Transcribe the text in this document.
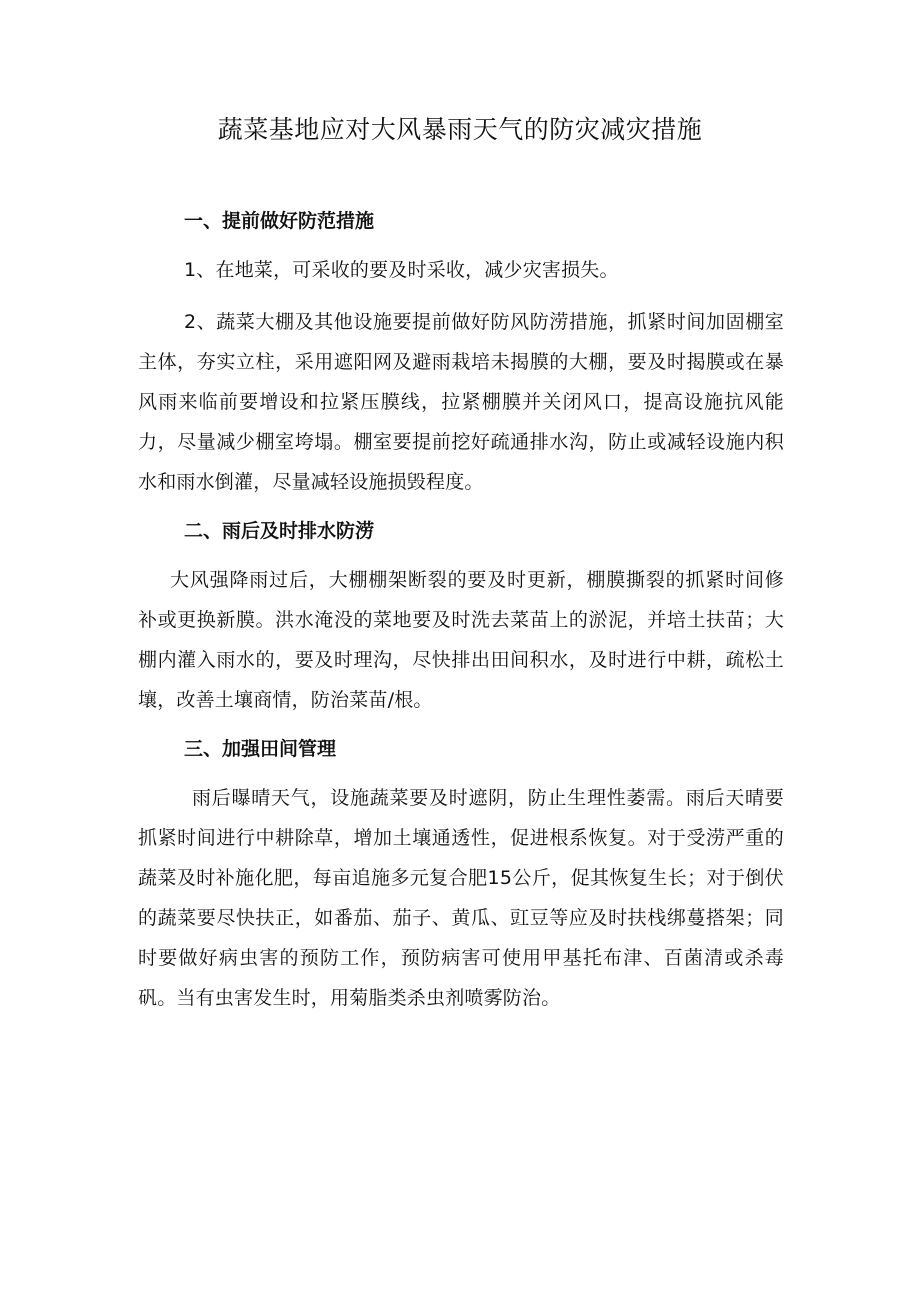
蔬菜基地应对大风暴雨天气的防灾减灾措施
一、提前做好防范措施

1、在地菜，可采收的要及时采收，减少灾害损失。

2、蔬菜大棚及其他设施要提前做好防风防涝措施，抓紧时间加固棚室主体，夯实立柱，采用遮阳网及避雨栽培未揭膜的大棚，要及时揭膜或在暴风雨来临前要增设和拉紧压膜线，拉紧棚膜并关闭风口，提高设施抗风能力，尽量减少棚室垮塌。棚室要提前挖好疏通排水沟，防止或减轻设施内积水和雨水倒灌，尽量减轻设施损毁程度。

二、雨后及时排水防涝

大风强降雨过后，大棚棚架断裂的要及时更新，棚膜撕裂的抓紧时间修补或更换新膜。洪水淹没的菜地要及时洗去菜苗上的淤泥，并培土扶苗；大棚内灌入雨水的，要及时理沟，尽快排出田间积水，及时进行中耕，疏松土壤，改善土壤商情，防治菜苗/根。

三、加强田间管理

雨后曝晴天气，设施蔬菜要及时遮阴，防止生理性萎需。雨后天晴要抓紧时间进行中耕除草，增加土壤通透性，促进根系恢复。对于受涝严重的蔬菜及时补施化肥，每亩追施多元复合肥15公斤，促其恢复生长；对于倒伏的蔬菜要尽快扶正，如番茄、茄子、黄瓜、豇豆等应及时扶栈绑蔓搭架；同时要做好病虫害的预防工作，预防病害可使用甲基托布津、百菌清或杀毒矾。当有虫害发生时，用菊脂类杀虫剂喷雾防治。
